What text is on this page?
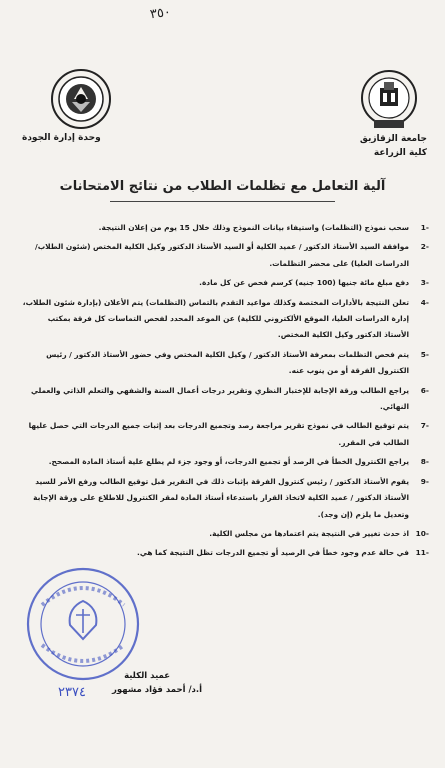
٣٥٠
جامعة الزقازيق
كلية الزراعة
وحدة إدارة الجودة
آلية التعامل مع تظلمات الطلاب من نتائج الامتحانات
-1
سحب نموذج (التظلمات) واستيفاء بيانات النموذج وذلك خلال 15 يوم من إعلان النتيجة.
-2
موافقة السيد الأستاذ الدكتور / عميد الكلية أو السيد الأستاذ الدكتور وكيل الكلية المختص (شئون الطلاب/ الدراسات العليا) على محضر التظلمات.
-3
دفع مبلغ مائة جنيها (100 جنيه) كرسم فحص عن كل مادة.
-4
تعلن النتيجة بالأدارات المختصة وكذلك مواعيد التقدم بالتماس (التظلمات) يتم الأعلان (بإدارة شئون الطلاب، إدارة الدراسات العليا، الموقع الألكتروني للكلية) عن الموعد المحدد لفحص التماسات كل فرقة بمكتب الأستاذ الدكتور وكيل الكلية المختص.
-5
يتم فحص التظلمات بمعرفة الأستاذ الدكتور / وكيل الكلية المختص وفي حضور الأستاذ الدكتور / رئيس الكنترول الفرقة أو من ينوب عنه.
-6
يراجع الطالب ورقة الإجابة للإختبار النظري وتقرير درجات أعمال السنة والشفهي والتعلم الذاتي والعملي النهائي.
-7
يتم توقيع الطالب في نموذج تقرير مراجعة رصد وتجميع الدرجات بعد إثبات جميع الدرجات التي حصل عليها الطالب في المقرر.
-8
يراجع الكنترول الخطأ في الرصد أو تجميع الدرجات، أو وجود جزء لم يطلع علية أستاذ المادة المصحح.
-9
يقوم الأستاذ الدكتور / رئيس كنترول الفرقة بإثبات ذلك في التقرير قبل توقيع الطالب ورفع الأمر للسيد الأستاذ الدكتور / عميد الكلية لاتخاذ القرار باستدعاء أستاذ المادة لمقر الكنترول للاطلاع على ورقة الإجابة وتعديل ما يلزم (إن وجد).
-10
اذ حدث تغيير في النتيجة يتم اعتمادها من مجلس الكلية.
-11
في حالة عدم وجود خطأ في الرصيد أو تجميع الدرجات تظل النتيجة كما هي.
٢٣٧٤
عميد الكلية
أ.د/ أحمد فؤاد مشهور
